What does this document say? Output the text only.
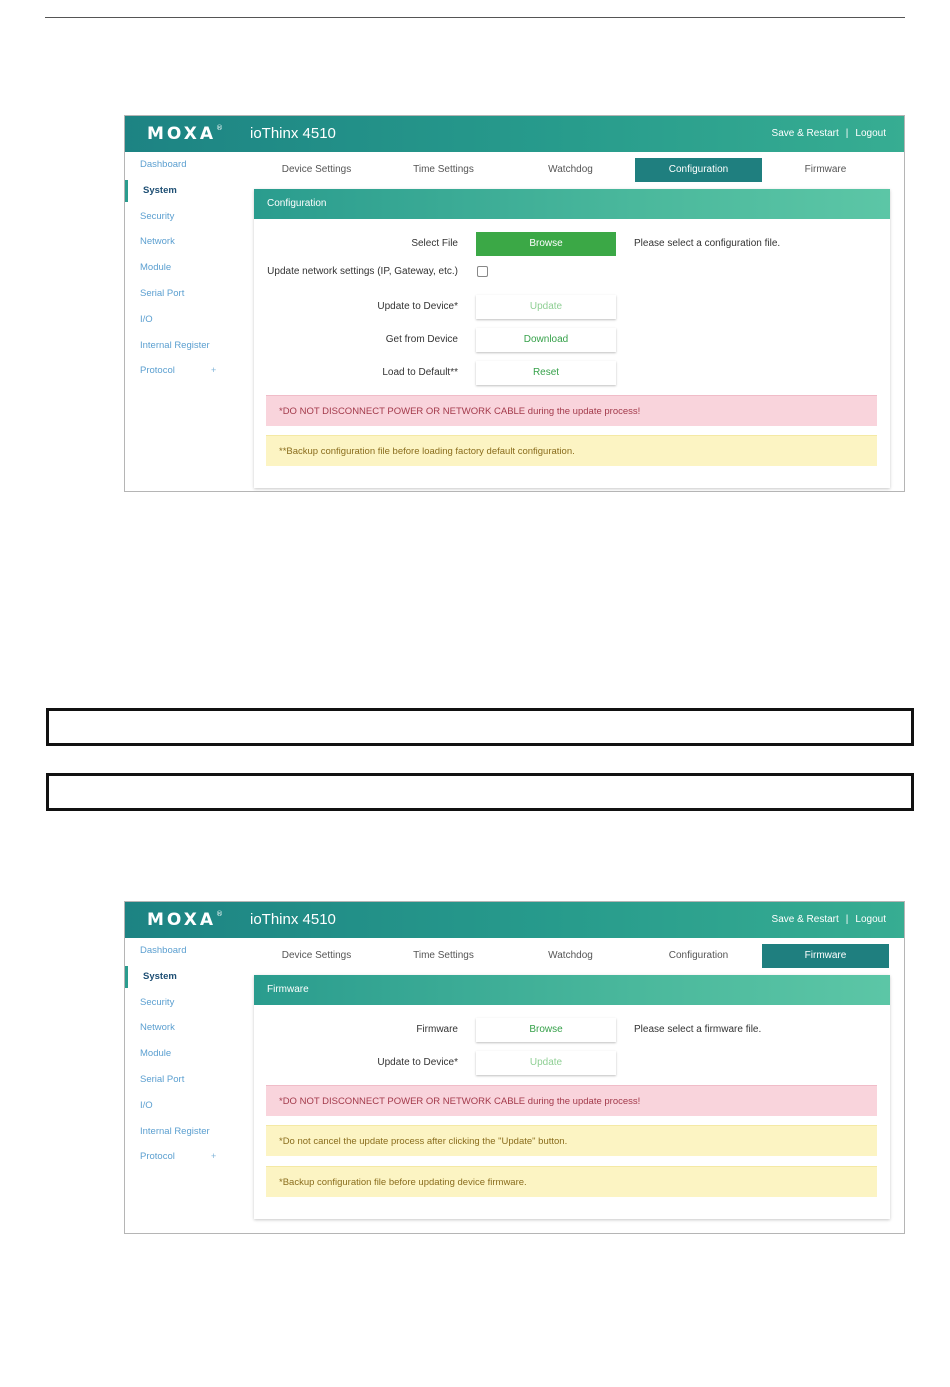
MOXA® ioThinx 4510	Save & Restart | Logout
Dashboard
System
Security
Network
Module
Serial Port
I/O
Internal Register
Protocol	+
Device Settings	Time Settings	Watchdog	Configuration	Firmware
Configuration
Select File	Browse	Please select a configuration file.
Update network settings (IP, Gateway, etc.)
Update to Device*	Update
Get from Device	Download
Load to Default**	Reset
*DO NOT DISCONNECT POWER OR NETWORK CABLE during the update process!
**Backup configuration file before loading factory default configuration.
MOXA® ioThinx 4510	Save & Restart | Logout
Dashboard
System
Security
Network
Module
Serial Port
I/O
Internal Register
Protocol	+
Device Settings	Time Settings	Watchdog	Configuration	Firmware
Firmware
Firmware	Browse	Please select a firmware file.
Update to Device*	Update
*DO NOT DISCONNECT POWER OR NETWORK CABLE during the update process!
*Do not cancel the update process after clicking the "Update" button.
*Backup configuration file before updating device firmware.
